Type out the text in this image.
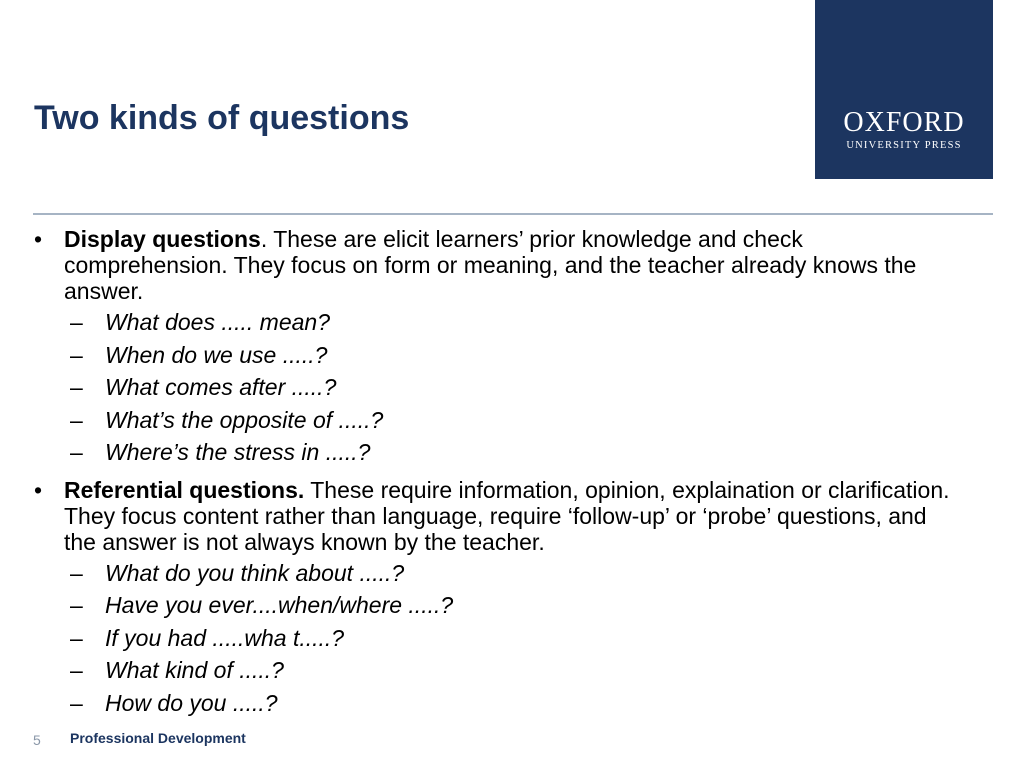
Two kinds of questions	OXFORD
UNIVERSITY PRESS
• Display questions. These are elicit learners’ prior knowledge and check comprehension. They focus on form or meaning, and the teacher already knows the answer.
– What does ..... mean?
– When do we use .....?
– What comes after .....?
– What’s the opposite of .....?
– Where’s the stress in .....?
• Referential questions. These require information, opinion, explaination or clarification. They focus content rather than language, require ‘follow-up’ or ‘probe’ questions, and the answer is not always known by the teacher.
– What do you think about .....?
– Have you ever....when/where .....?
– If you had .....wha t.....?
– What kind of .....?
– How do you .....?
5 Professional Development
